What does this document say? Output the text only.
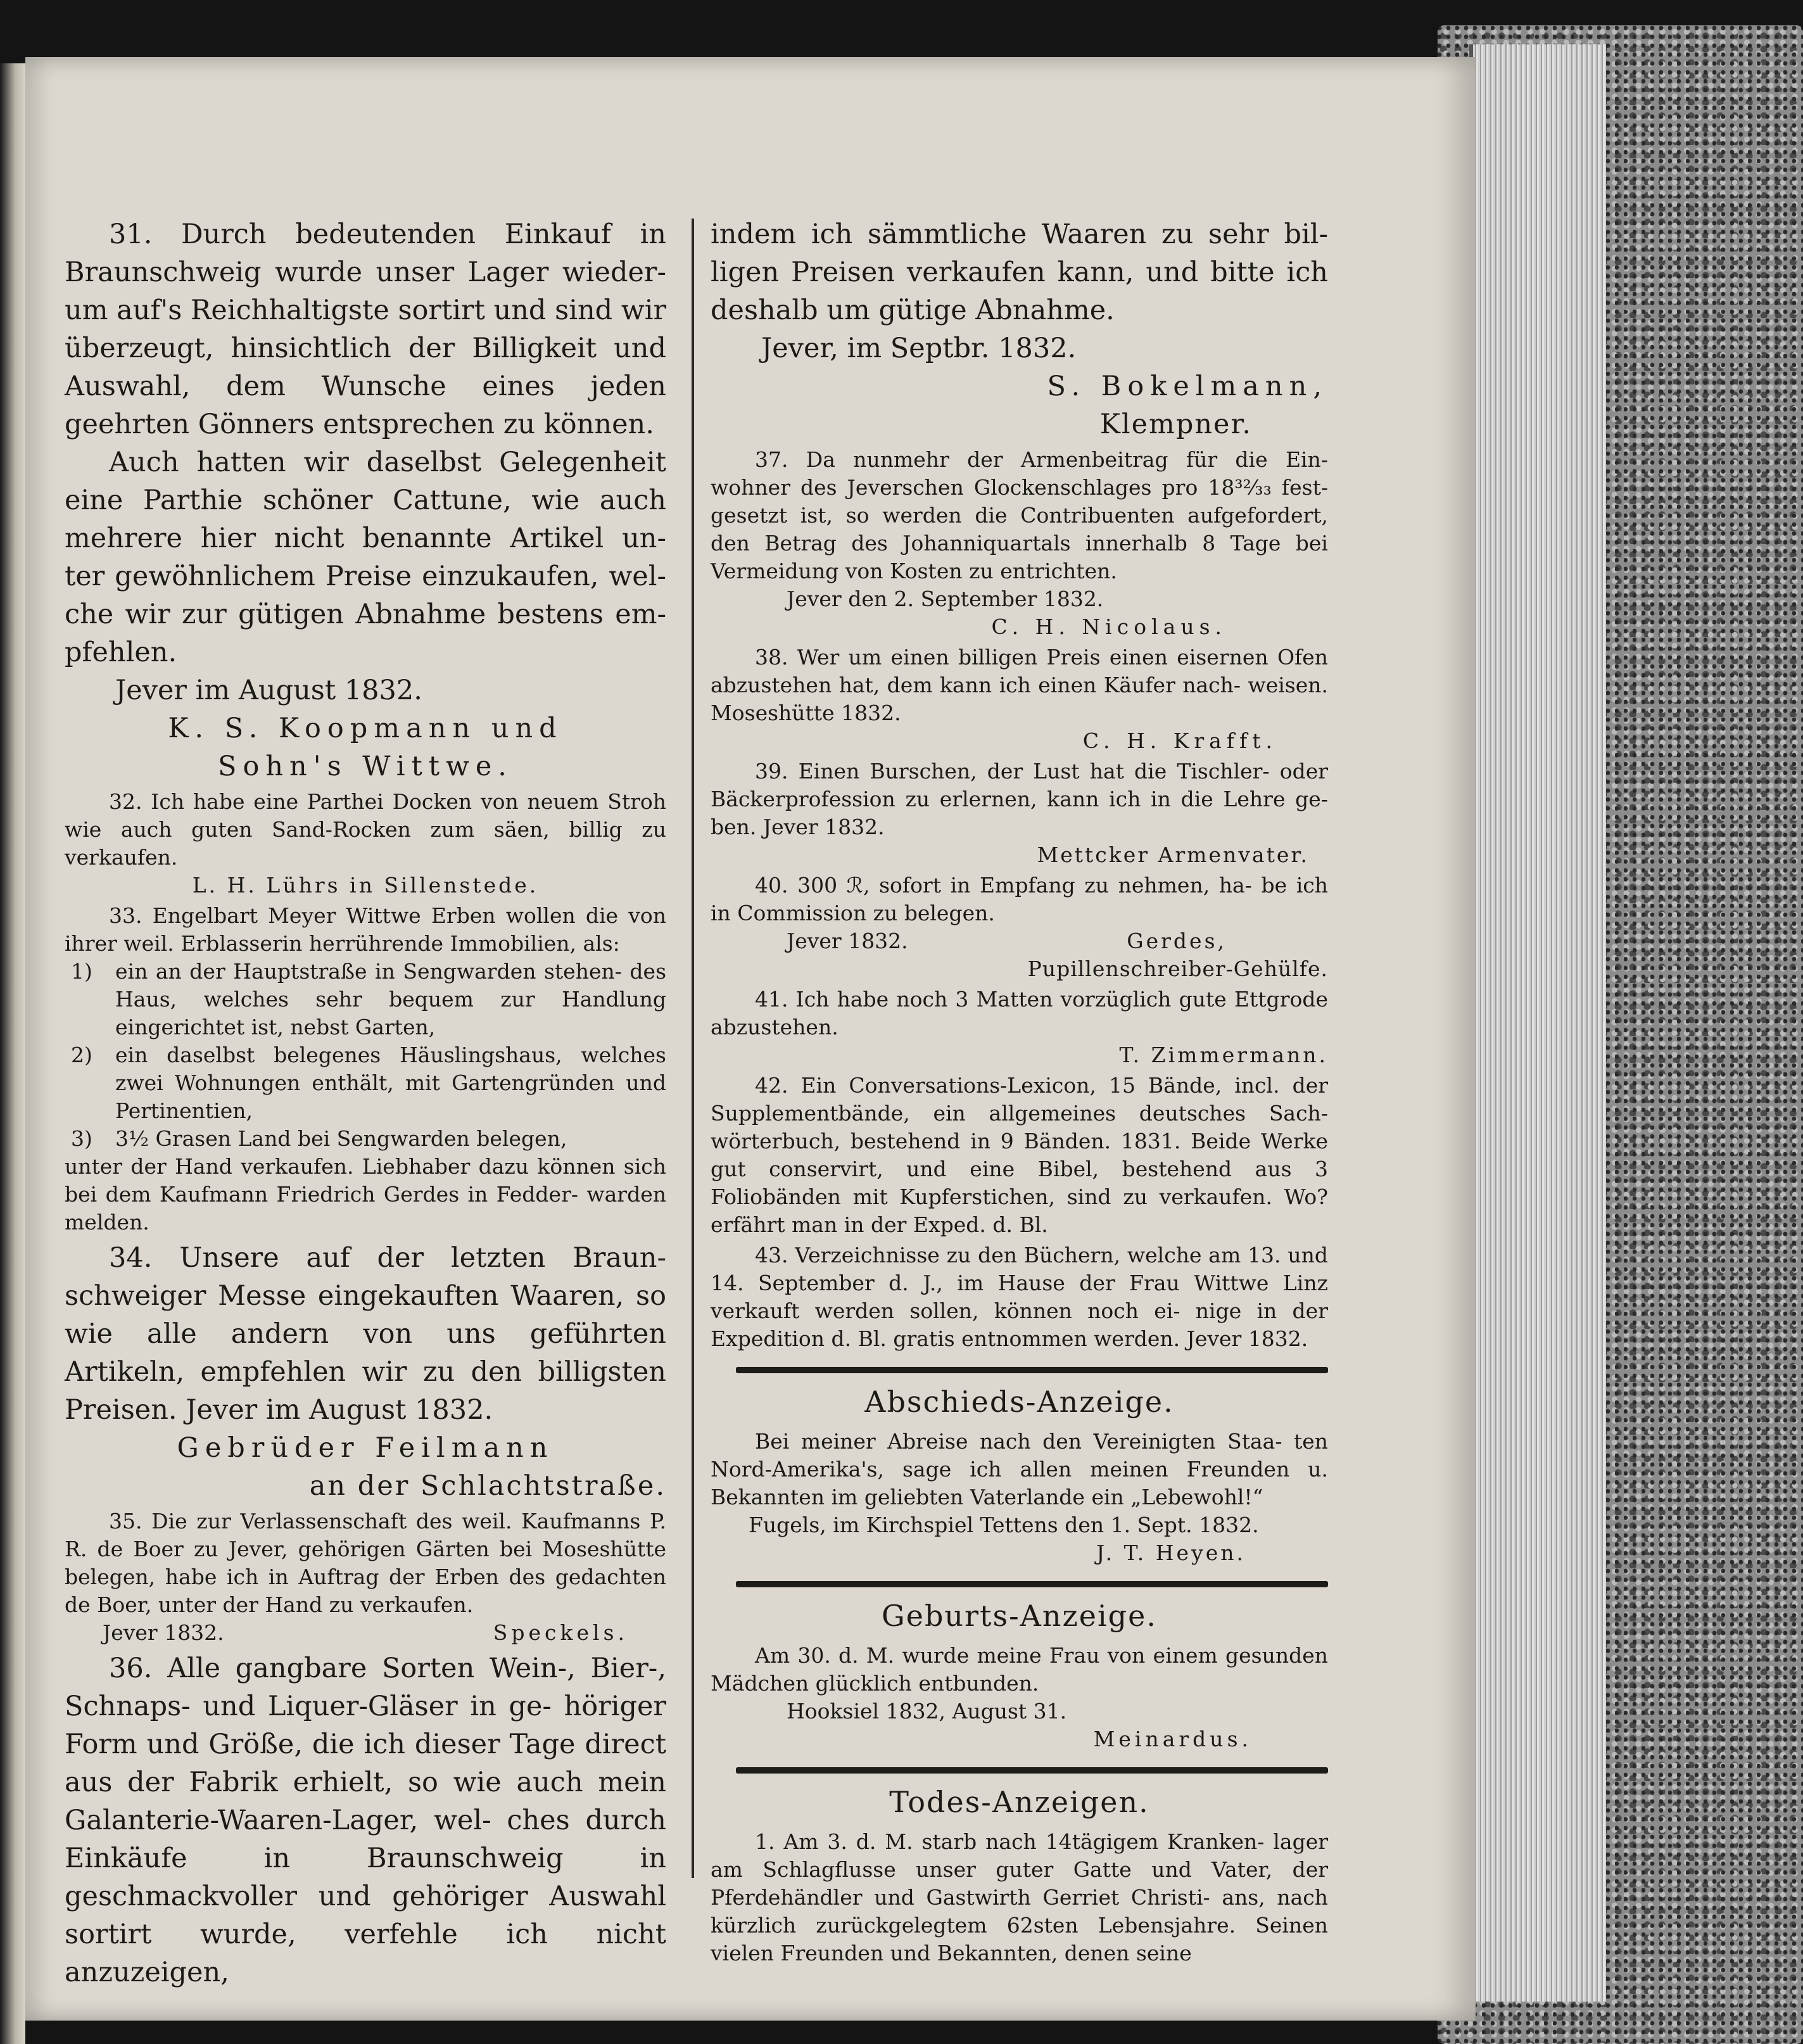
31. Durch bedeutenden Einkauf in Braunschweig wurde unser Lager wieder- um auf's Reichhaltigste sortirt und sind wir überzeugt, hinsichtlich der Billigkeit und Auswahl, dem Wunsche eines jeden geehrten Gönners entsprechen zu können.

Auch hatten wir daselbst Gelegenheit eine Parthie schöner Cattune, wie auch mehrere hier nicht benannte Artikel un- ter gewöhnlichem Preise einzukaufen, wel- che wir zur gütigen Abnahme bestens em- pfehlen.

Jever im August 1832.

K. S. Koopmann und

Sohn's Wittwe.

32. Ich habe eine Parthei Docken von neuem Stroh wie auch guten Sand-Rocken zum säen, billig zu verkaufen.

L. H. Lührs in Sillenstede.

33. Engelbart Meyer Wittwe Erben wollen die von ihrer weil. Erblasserin herrührende Immobilien, als:

1)	ein an der Hauptstraße in Sengwarden stehen- des Haus, welches sehr bequem zur Handlung eingerichtet ist, nebst Garten,
2)	ein daselbst belegenes Häuslingshaus, welches zwei Wohnungen enthält, mit Gartengründen und Pertinentien,
3)	3½ Grasen Land bei Sengwarden belegen,

unter der Hand verkaufen. Liebhaber dazu können sich bei dem Kaufmann Friedrich Gerdes in Fedder- warden melden.

34. Unsere auf der letzten Braun- schweiger Messe eingekauften Waaren, so wie alle andern von uns geführten Artikeln, empfehlen wir zu den billigsten Preisen. Jever im August 1832.

Gebrüder Feilmann

an der Schlachtstraße.

35. Die zur Verlassenschaft des weil. Kaufmanns P. R. de Boer zu Jever, gehörigen Gärten bei Moseshütte belegen, habe ich in Auftrag der Erben des gedachten de Boer, unter der Hand zu verkaufen.

Jever 1832.	Speckels.

36. Alle gangbare Sorten Wein-, Bier-, Schnaps- und Liquer-Gläser in ge- höriger Form und Größe, die ich dieser Tage direct aus der Fabrik erhielt, so wie auch mein Galanterie-Waaren-Lager, wel- ches durch Einkäufe in Braunschweig in geschmackvoller und gehöriger Auswahl sortirt wurde, verfehle ich nicht anzuzeigen,

indem ich sämmtliche Waaren zu sehr bil- ligen Preisen verkaufen kann, und bitte ich deshalb um gütige Abnahme.

Jever, im Septbr. 1832.

S. Bokelmann,

Klempner.

37. Da nunmehr der Armenbeitrag für die Ein- wohner des Jeverschen Glockenschlages pro 18³²⁄₃₃ fest- gesetzt ist, so werden die Contribuenten aufgefordert, den Betrag des Johanniquartals innerhalb 8 Tage bei Vermeidung von Kosten zu entrichten.

Jever den 2. September 1832.

C. H. Nicolaus.

38. Wer um einen billigen Preis einen eisernen Ofen abzustehen hat, dem kann ich einen Käufer nach- weisen. Moseshütte 1832.

C. H. Krafft.

39. Einen Burschen, der Lust hat die Tischler- oder Bäckerprofession zu erlernen, kann ich in die Lehre ge- ben. Jever 1832.

Mettcker Armenvater.

40. 300 ℛ, sofort in Empfang zu nehmen, ha- be ich in Commission zu belegen.

Jever 1832.	Gerdes,

Pupillenschreiber-Gehülfe.

41. Ich habe noch 3 Matten vorzüglich gute Ettgrode abzustehen.

T. Zimmermann.

42. Ein Conversations-Lexicon, 15 Bände, incl. der Supplementbände, ein allgemeines deutsches Sach- wörterbuch, bestehend in 9 Bänden. 1831. Beide Werke gut conservirt, und eine Bibel, bestehend aus 3 Foliobänden mit Kupferstichen, sind zu verkaufen. Wo? erfährt man in der Exped. d. Bl.

43. Verzeichnisse zu den Büchern, welche am 13. und 14. September d. J., im Hause der Frau Wittwe Linz verkauft werden sollen, können noch ei- nige in der Expedition d. Bl. gratis entnommen werden. Jever 1832.

Abschieds-Anzeige.

Bei meiner Abreise nach den Vereinigten Staa- ten Nord-Amerika's, sage ich allen meinen Freunden u. Bekannten im geliebten Vaterlande ein „Lebewohl!“

Fugels, im Kirchspiel Tettens den 1. Sept. 1832.

J. T. Heyen.

Geburts-Anzeige.

Am 30. d. M. wurde meine Frau von einem gesunden Mädchen glücklich entbunden.

Hooksiel 1832, August 31.

Meinardus.

Todes-Anzeigen.

1. Am 3. d. M. starb nach 14tägigem Kranken- lager am Schlagflusse unser guter Gatte und Vater, der Pferdehändler und Gastwirth Gerriet Christi- ans, nach kürzlich zurückgelegtem 62sten Lebensjahre. Seinen vielen Freunden und Bekannten, denen seine
